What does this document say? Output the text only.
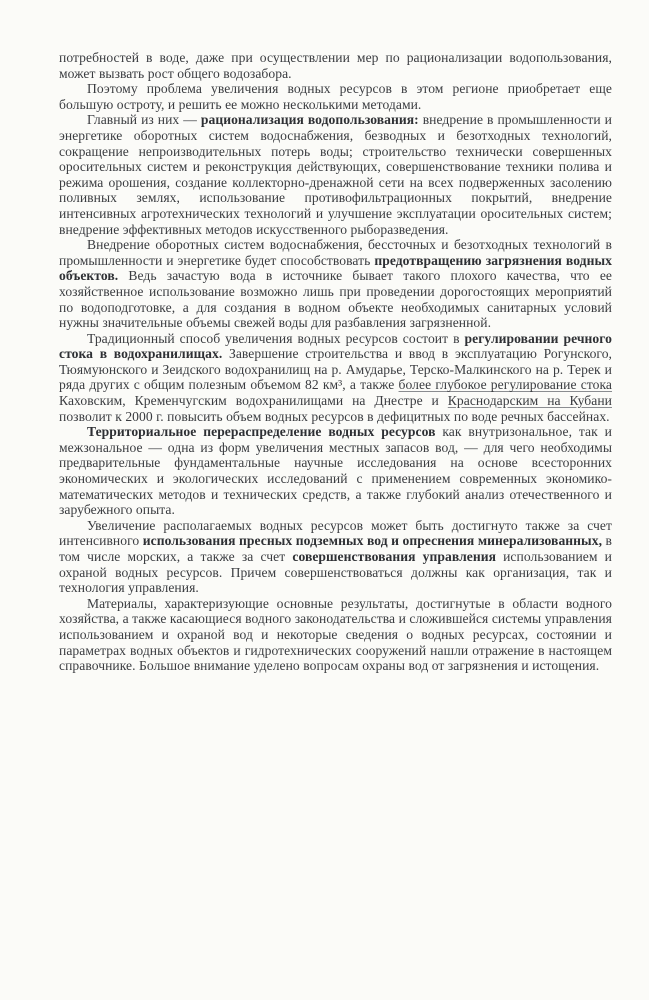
потребностей в воде, даже при осуществлении мер по рационализации водопользования, может вызвать рост общего водозабора.

Поэтому проблема увеличения водных ресурсов в этом регионе приобретает еще большую остроту, и решить ее можно несколькими методами.

Главный из них — рационализация водопользования: внедрение в промышленности и энергетике оборотных систем водоснабжения, безводных и безотходных технологий, сокращение непроизводительных потерь воды; строительство технически совершенных оросительных систем и реконструкция действующих, совершенствование техники полива и режима орошения, создание коллекторно-дренажной сети на всех подверженных засолению поливных землях, использование противофильтрационных покрытий, внедрение интенсивных агротехнических технологий и улучшение эксплуатации оросительных систем; внедрение эффективных методов искусственного рыборазведения.

Внедрение оборотных систем водоснабжения, бессточных и безотходных технологий в промышленности и энергетике будет способствовать предотвращению загрязнения водных объектов. Ведь зачастую вода в источнике бывает такого плохого качества, что ее хозяйственное использование возможно лишь при проведении дорогостоящих мероприятий по водоподготовке, а для создания в водном объекте необходимых санитарных условий нужны значительные объемы свежей воды для разбавления загрязненной.

Традиционный способ увеличения водных ресурсов состоит в регулировании речного стока в водохранилищах. Завершение строительства и ввод в эксплуатацию Рогунского, Тюямуюнского и Зеидского водохранилищ на р. Амударье, Терско-Малкинского на р. Терек и ряда других с общим полезным объемом 82 км³, а также более глубокое регулирование стока Каховским, Кременчугским водохранилищами на Днестре и Краснодарским на Кубани позволит к 2000 г. повысить объем водных ресурсов в дефицитных по воде речных бассейнах.

Территориальное перераспределение водных ресурсов как внутризональное, так и межзональное — одна из форм увеличения местных запасов вод, — для чего необходимы предварительные фундаментальные научные исследования на основе всесторонних экономических и экологических исследований с применением современных экономико-математических методов и технических средств, а также глубокий анализ отечественного и зарубежного опыта.

Увеличение располагаемых водных ресурсов может быть достигнуто также за счет интенсивного использования пресных подземных вод и опреснения минерализованных, в том числе морских, а также за счет совершенствования управления использованием и охраной водных ресурсов. Причем совершенствоваться должны как организация, так и технология управления.

Материалы, характеризующие основные результаты, достигнутые в области водного хозяйства, а также касающиеся водного законодательства и сложившейся системы управления использованием и охраной вод и некоторые сведения о водных ресурсах, состоянии и параметрах водных объектов и гидротехнических сооружений нашли отражение в настоящем справочнике. Большое внимание уделено вопросам охраны вод от загрязнения и истощения.
